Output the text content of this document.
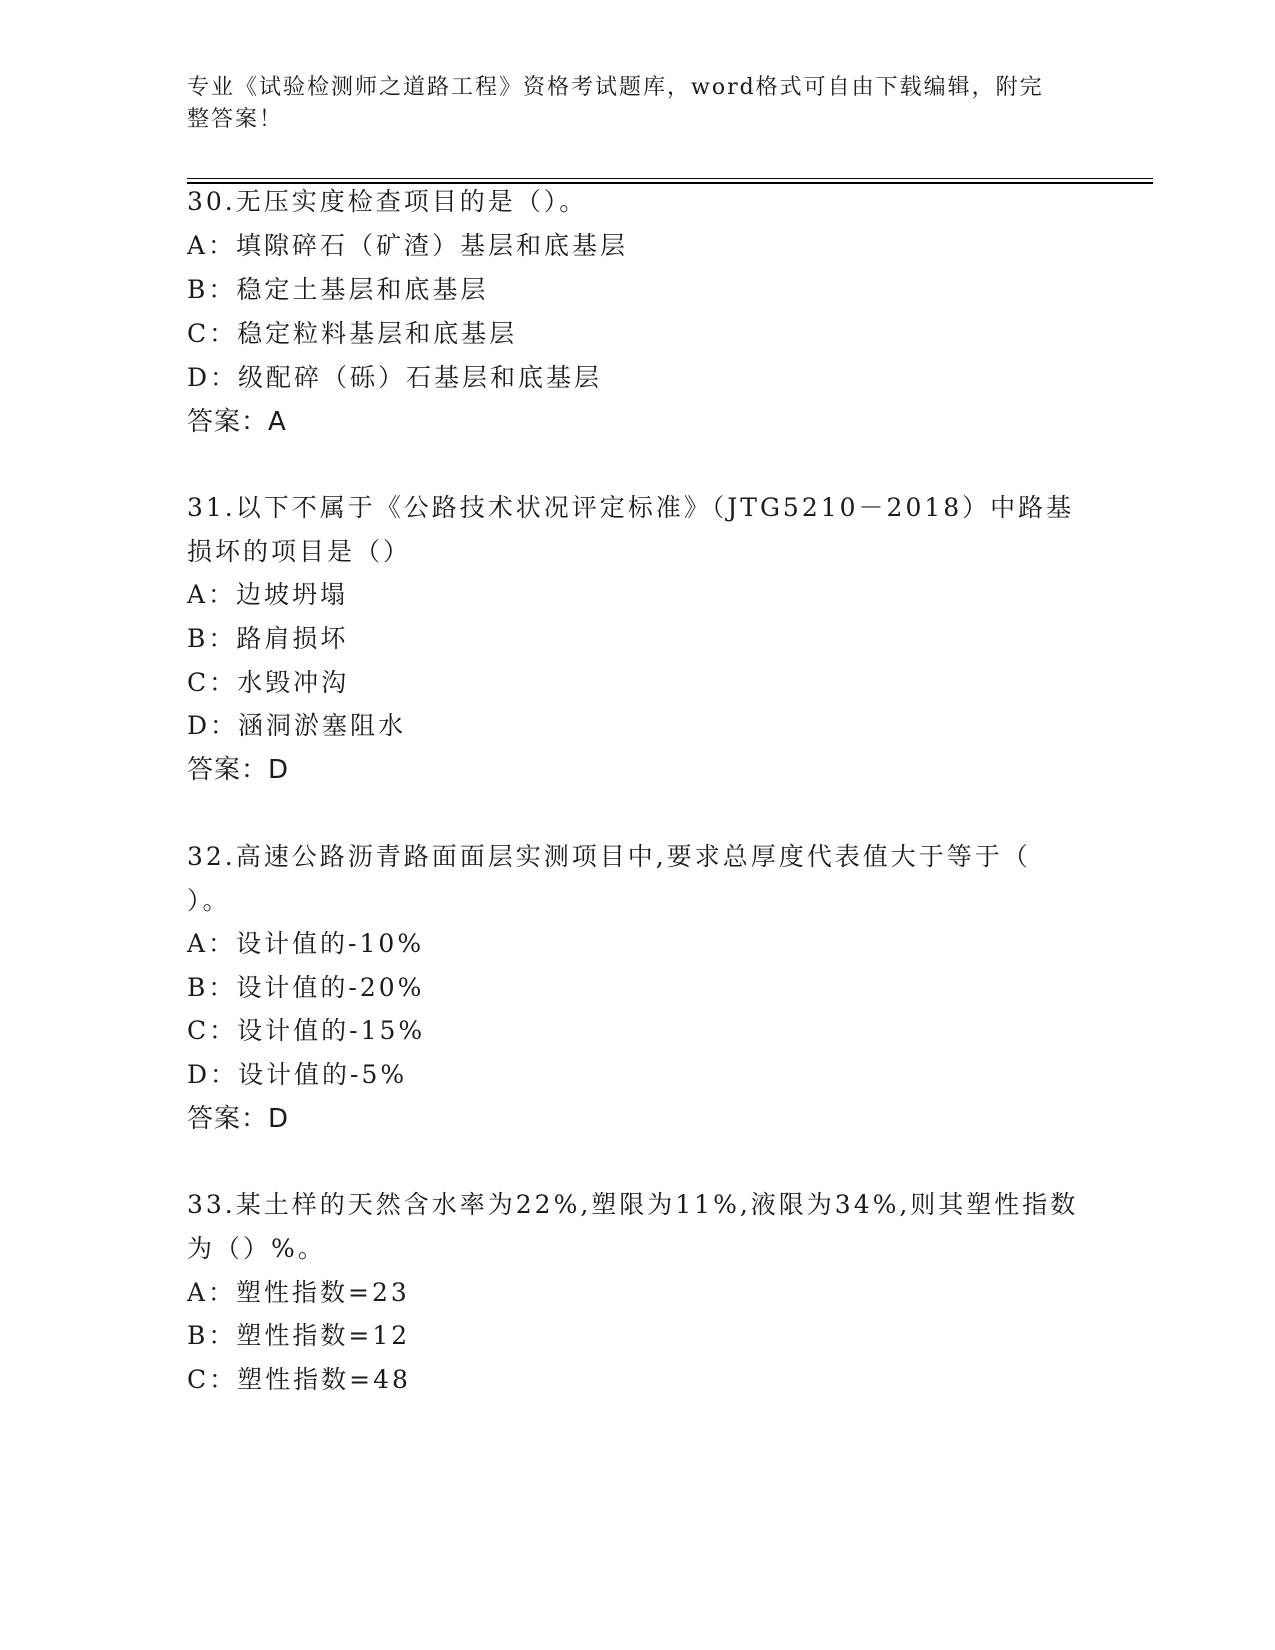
专业《试验检测师之道路工程》资格考试题库，word格式可自由下载编辑，附完
整答案！
30.无压实度检查项目的是（）。
A：填隙碎石（矿渣）基层和底基层
B：稳定土基层和底基层
C：稳定粒料基层和底基层
D：级配碎（砾）石基层和底基层
答案：A
31.以下不属于《公路技术状况评定标准》（JTG5210－2018）中路基
损坏的项目是（）
A：边坡坍塌
B：路肩损坏
C：水毁冲沟
D：涵洞淤塞阻水
答案：D
32.高速公路沥青路面面层实测项目中,要求总厚度代表值大于等于（
）。
A：设计值的-10%
B：设计值的-20%
C：设计值的-15%
D：设计值的-5%
答案：D
33.某土样的天然含水率为22%,塑限为11%,液限为34%,则其塑性指数
为（）%。
A：塑性指数=23
B：塑性指数=12
C：塑性指数=48
